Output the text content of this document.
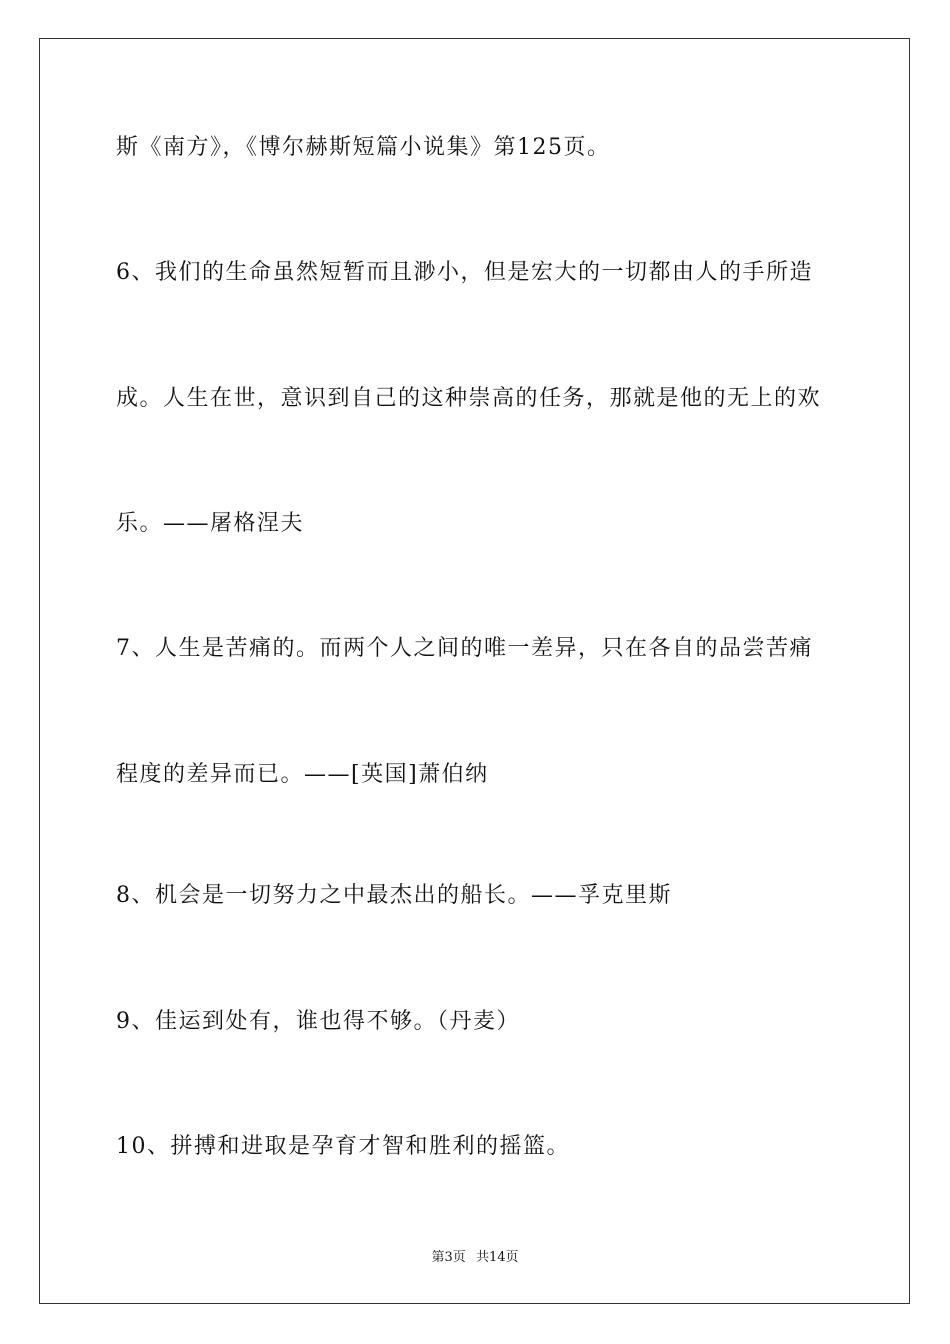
斯《南方》，《博尔赫斯短篇小说集》第125页。
6、我们的生命虽然短暂而且渺小，但是宏大的一切都由人的手所造
成。人生在世，意识到自己的这种崇高的任务，那就是他的无上的欢
乐。——屠格涅夫
7、人生是苦痛的。而两个人之间的唯一差异，只在各自的品尝苦痛
程度的差异而已。——[英国]萧伯纳
8、机会是一切努力之中最杰出的船长。——孚克里斯
9、佳运到处有，谁也得不够。（丹麦）
10、拼搏和进取是孕育才智和胜利的摇篮。
第3页 共14页
